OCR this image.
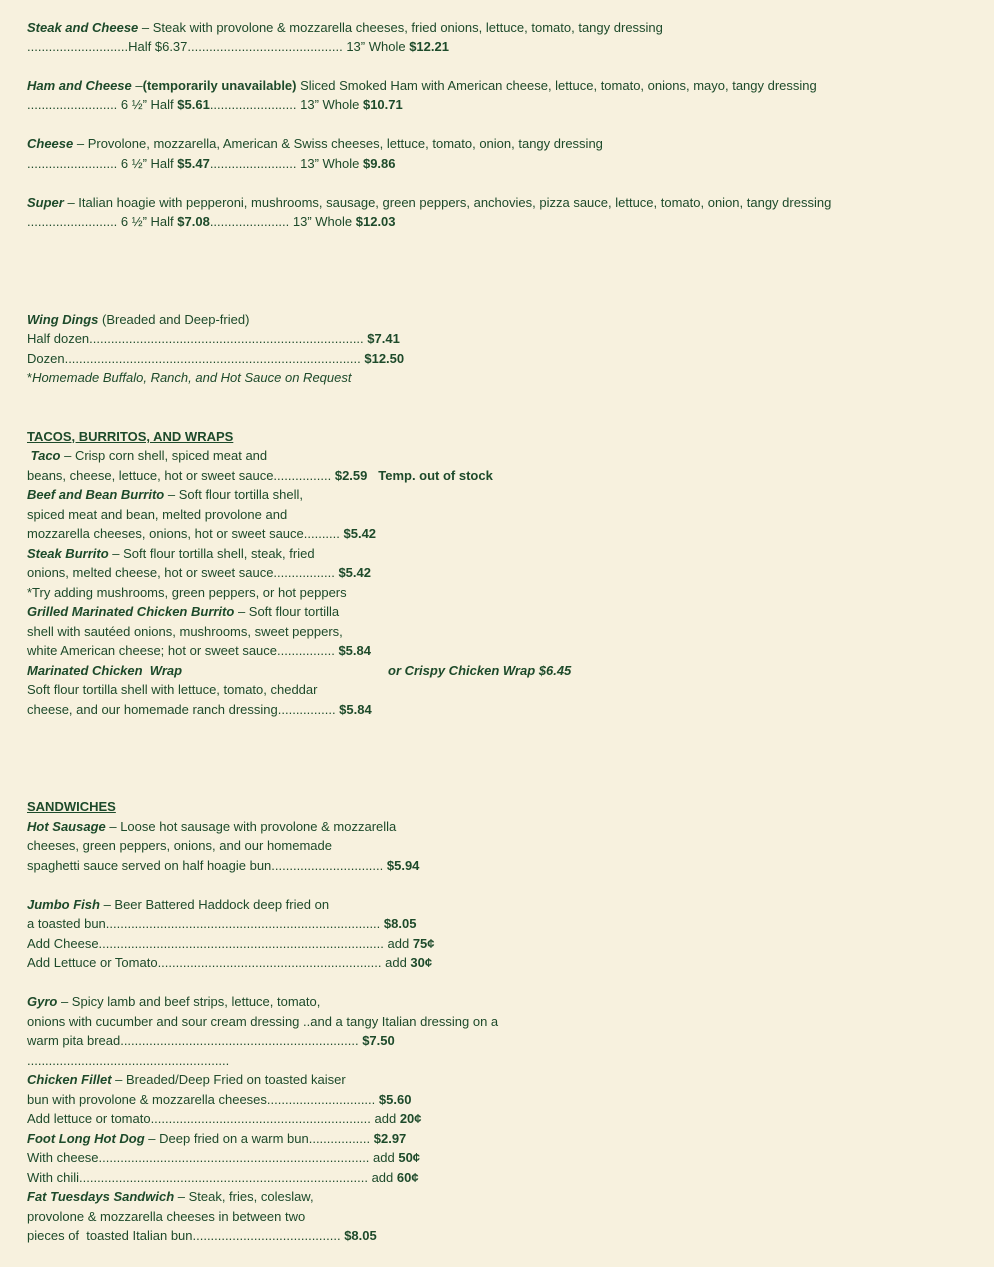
Steak and Cheese – Steak with provolone & mozzarella cheeses, fried onions, lettuce, tomato, tangy dressing
............................Half $6.37........................................... 13” Whole $12.21
Ham and Cheese –(temporarily unavailable) Sliced Smoked Ham with American cheese, lettuce, tomato, onions, mayo, tangy dressing
......................... 6 ½” Half $5.61........................ 13” Whole $10.71
Cheese – Provolone, mozzarella, American & Swiss cheeses, lettuce, tomato, onion, tangy dressing
......................... 6 ½” Half $5.47........................ 13” Whole $9.86
Super – Italian hoagie with pepperoni, mushrooms, sausage, green peppers, anchovies, pizza sauce, lettuce, tomato, onion, tangy dressing
......................... 6 ½” Half $7.08...................... 13” Whole $12.03
Wing Dings (Breaded and Deep-fried)
Half dozen............................................................................ $7.41
Dozen.................................................................................. $12.50
*Homemade Buffalo, Ranch, and Hot Sauce on Request
TACOS, BURRITOS, AND WRAPS
Taco – Crisp corn shell, spiced meat and
beans, cheese, lettuce, hot or sweet sauce................ $2.59 Temp. out of stock
Beef and Bean Burrito – Soft flour tortilla shell,
spiced meat and bean, melted provolone and
mozzarella cheeses, onions, hot or sweet sauce.......... $5.42
Steak Burrito – Soft flour tortilla shell, steak, fried
onions, melted cheese, hot or sweet sauce................. $5.42
*Try adding mushrooms, green peppers, or hot peppers
Grilled Marinated Chicken Burrito – Soft flour tortilla
shell with sautéed onions, mushrooms, sweet peppers,
white American cheese; hot or sweet sauce................ $5.84
Marinated Chicken  Wrap	or Crispy Chicken Wrap $6.45
Soft flour tortilla shell with lettuce, tomato, cheddar
cheese, and our homemade ranch dressing................ $5.84
SANDWICHES
Hot Sausage – Loose hot sausage with provolone & mozzarella
cheeses, green peppers, onions, and our homemade
spaghetti sauce served on half hoagie bun............................... $5.94
Jumbo Fish – Beer Battered Haddock deep fried on
a toasted bun............................................................................ $8.05
Add Cheese............................................................................... add 75¢
Add Lettuce or Tomato.............................................................. add 30¢
Gyro – Spicy lamb and beef strips, lettuce, tomato,
onions with cucumber and sour cream dressing ..and a tangy Italian dressing on a
warm pita bread.................................................................. $7.50
........................................................
Chicken Fillet – Breaded/Deep Fried on toasted kaiser
bun with provolone & mozzarella cheeses.............................. $5.60
Add lettuce or tomato............................................................. add 20¢
Foot Long Hot Dog – Deep fried on a warm bun................. $2.97
With cheese........................................................................... add 50¢
With chili................................................................................ add 60¢
Fat Tuesdays Sandwich – Steak, fries, coleslaw,
provolone & mozzarella cheeses in between two
pieces of  toasted Italian bun......................................... $8.05
